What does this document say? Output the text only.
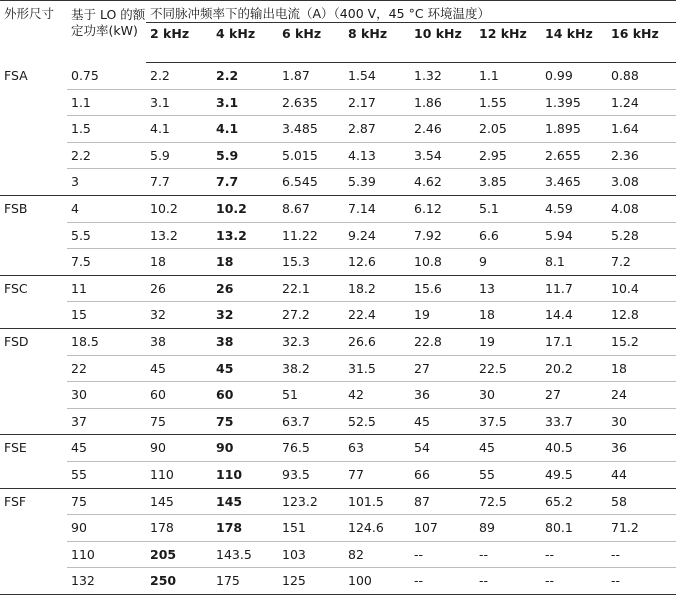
外形尺寸	基于 LO 的额定功率(kW)	不同脉冲频率下的输出电流（A）（400 V，45 °C 环境温度）							
		2 kHz	4 kHz	6 kHz	8 kHz	10 kHz	12 kHz	14 kHz	16 kHz
FSA	0.75	2.2	2.2	1.87	1.54	1.32	1.1	0.99	0.88
	1.1	3.1	3.1	2.635	2.17	1.86	1.55	1.395	1.24
	1.5	4.1	4.1	3.485	2.87	2.46	2.05	1.895	1.64
	2.2	5.9	5.9	5.015	4.13	3.54	2.95	2.655	2.36
	3	7.7	7.7	6.545	5.39	4.62	3.85	3.465	3.08
FSB	4	10.2	10.2	8.67	7.14	6.12	5.1	4.59	4.08
	5.5	13.2	13.2	11.22	9.24	7.92	6.6	5.94	5.28
	7.5	18	18	15.3	12.6	10.8	9	8.1	7.2
FSC	11	26	26	22.1	18.2	15.6	13	11.7	10.4
	15	32	32	27.2	22.4	19	18	14.4	12.8
FSD	18.5	38	38	32.3	26.6	22.8	19	17.1	15.2
	22	45	45	38.2	31.5	27	22.5	20.2	18
	30	60	60	51	42	36	30	27	24
	37	75	75	63.7	52.5	45	37.5	33.7	30
FSE	45	90	90	76.5	63	54	45	40.5	36
	55	110	110	93.5	77	66	55	49.5	44
FSF	75	145	145	123.2	101.5	87	72.5	65.2	58
	90	178	178	151	124.6	107	89	80.1	71.2
	110	205	143.5	103	82	--	--	--	--
	132	250	175	125	100	--	--	--	--
